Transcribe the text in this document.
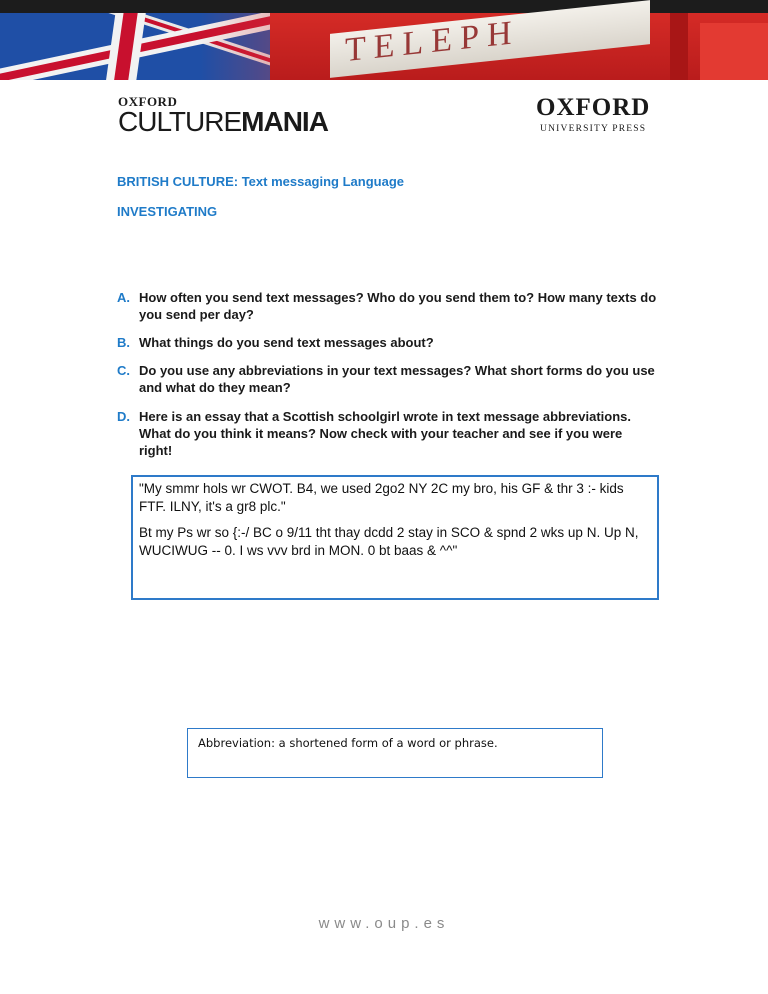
TELEPH
OXFORD
CULTUREMANIA	OXFORD
UNIVERSITY PRESS
BRITISH CULTURE: Text messaging Language
INVESTIGATING
A. How often you send text messages? Who do you send them to? How many texts do you send per day?
B. What things do you send text messages about?
C. Do you use any abbreviations in your text messages? What short forms do you use and what do they mean?
D. Here is an essay that a Scottish schoolgirl wrote in text message abbreviations. What do you think it means? Now check with your teacher and see if you were right!

"My smmr hols wr CWOT. B4, we used 2go2 NY 2C my bro, his GF & thr 3 :- kids FTF. ILNY, it's a gr8 plc."

Bt my Ps wr so {:-/ BC o 9/11 tht thay dcdd 2 stay in SCO & spnd 2 wks up N. Up N, WUCIWUG -- 0. I ws vvv brd in MON. 0 bt baas & ^^"

Abbreviation: a shortened form of a word or phrase.
www.oup.es
